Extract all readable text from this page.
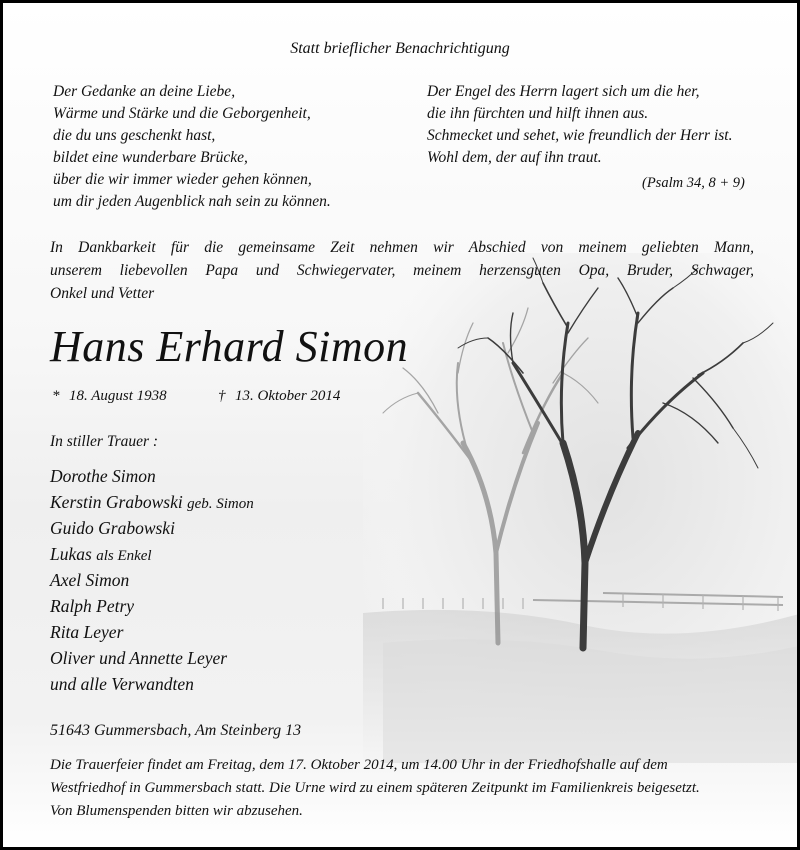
Statt brieflicher Benachrichtigung
Der Gedanke an deine Liebe,
Wärme und Stärke und die Geborgenheit,
die du uns geschenkt hast,
bildet eine wunderbare Brücke,
über die wir immer wieder gehen können,
um dir jeden Augenblick nah sein zu können.
Der Engel des Herrn lagert sich um die her,
die ihn fürchten und hilft ihnen aus.
Schmecket und sehet, wie freundlich der Herr ist.
Wohl dem, der auf ihn traut.
(Psalm 34, 8 + 9)
In Dankbarkeit für die gemeinsame Zeit nehmen wir Abschied von meinem geliebten Mann,
unserem liebevollen Papa und Schwiegervater, meinem herzensguten Opa, Bruder, Schwager,
Onkel und Vetter
Hans Erhard Simon
* 18. August 1938	† 13. Oktober 2014
In stiller Trauer :
Dorothe Simon
Kerstin Grabowski geb. Simon
Guido Grabowski
Lukas als Enkel
Axel Simon
Ralph Petry
Rita Leyer
Oliver und Annette Leyer
und alle Verwandten
51643 Gummersbach, Am Steinberg 13
Die Trauerfeier findet am Freitag, dem 17. Oktober 2014, um 14.00 Uhr in der Friedhofshalle auf dem
Westfriedhof in Gummersbach statt. Die Urne wird zu einem späteren Zeitpunkt im Familienkreis beigesetzt.
Von Blumenspenden bitten wir abzusehen.
